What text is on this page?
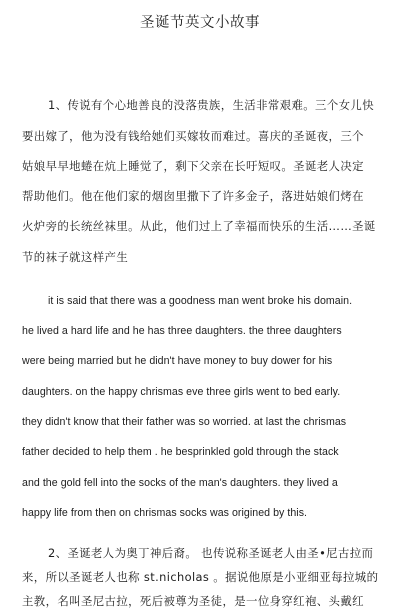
圣诞节英文小故事
1、传说有个心地善良的没落贵族，生活非常艰难。三个女儿快
要出嫁了，他为没有钱给她们买嫁妆而难过。喜庆的圣诞夜，三个
姑娘早早地蜷在炕上睡觉了，剩下父亲在长吁短叹。圣诞老人决定
帮助他们。他在他们家的烟囱里撒下了许多金子，落进姑娘们烤在
火炉旁的长统丝袜里。从此，他们过上了幸福而快乐的生活……圣诞
节的袜子就这样产生
it is said that there was a goodness man went broke his domain.
he lived a hard life and he has three daughters. the three daughters
were being married but he didn't have money to buy dower for his
daughters. on the happy chrismas eve three girls went to bed early.
they didn't know that their father was so worried. at last the chrismas
father decided to help them . he besprinkled gold through the stack
and the gold fell into the socks of the man's daughters. they lived a
happy life from then on chrismas socks was origined by this.
2、圣诞老人为奥丁神后裔。 也传说称圣诞老人由圣•尼古拉而
来，所以圣诞老人也称 st.nicholas 。据说他原是小亚细亚每拉城的
主教，名叫圣尼古拉，死后被尊为圣徒，是一位身穿红袍、头戴红
